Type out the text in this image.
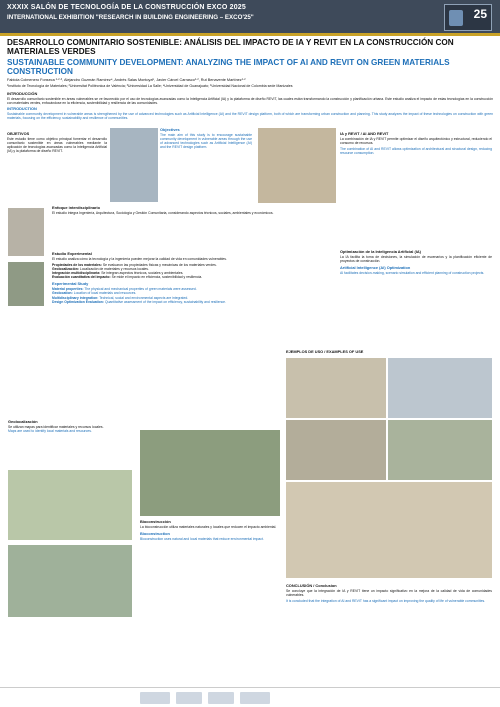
XXXIX SALÓN DE TECNOLOGÍA DE LA CONSTRUCCIÓN EXCO 2025
INTERNATIONAL EXHIBITION "RESEARCH IN BUILDING ENGINEERING – EXCO'25"	25
DESARROLLO COMUNITARIO SOSTENIBLE: ANÁLISIS DEL IMPACTO DE IA Y REVIT EN LA CONSTRUCCIÓN CON MATERIALES VERDES
SUSTAINABLE COMMUNITY DEVELOPMENT: ANALYZING THE IMPACT OF AI AND REVIT ON GREEN MATERIALS CONSTRUCTION
Fabiola Colmenero Fonseca ¹·²·³, Alejandro Guzmán Ramírez⁴, Andrés Salas Montoya⁵, Javier Cárcel Carrasco¹·², Rut Benavente Martínez¹·²
¹Instituto de Tecnología de Materiales; ²Universitat Politècnica de València; ³Universidad La Salle; ⁴Universidad de Guanajuato; ⁵Universidad Nacional de Colombia sede Manizales
INTRODUCCIÓN
El desarrollo comunitario sostenible en áreas vulnerables se ve favorecido por el uso de tecnologías avanzadas como la Inteligencia Artificial (IA) y la plataforma de diseño REVIT, las cuales están transformando la construcción y planificación urbana. Este estudio analiza el impacto de estas tecnologías en la construcción con materiales verdes, enfocándose en la eficiencia, sostenibilidad y resiliencia de las comunidades.
INTRODUCTION
Sustainable community development in vulnerable areas is strengthened by the use of advanced technologies such as Artificial Intelligence (AI) and the REVIT design platform, both of which are transforming urban construction and planning. This study analyzes the impact of these technologies on construction with green materials, focusing on the efficiency, sustainability and resilience of communities.
OBJETIVOS
Este estudio tiene como objetivo principal fomentar el desarrollo comunitario sostenible en áreas vulnerables mediante la aplicación de tecnologías avanzadas como la Inteligencia Artificial (IA) y la plataforma de diseño REVIT.
Objectives
The main aim of this study is to encourage sustainable community development in vulnerable areas through the use of advanced technologies such as Artificial Intelligence (AI) and the REVIT design platform.
IA y REVIT / AI AND REVIT
La combinación de IA y REVIT permite optimizar el diseño arquitectónico y estructural, reduciendo el consumo de recursos.
The combination of AI and REVIT allows optimization of architectural and structural design, reducing resource consumption.
Enfoque interdisciplinario
El estudio integra Ingeniería, Arquitectura, Sociología y Gestión Comunitaria, considerando aspectos técnicos, sociales, ambientales y económicos.
Estudio Experimental
El estudio analiza cómo la tecnología y la ingeniería pueden mejorar la calidad de vida en comunidades vulnerables.
Propiedades de los materiales: Se evaluaron las propiedades físicas y mecánicas de los materiales verdes.
Geolocalización: Localización de materiales y recursos locales.
Integración multidisciplinaria: Se integran aspectos técnicos, sociales y ambientales.
Evaluación cuantitativa del impacto: Se mide el impacto en eficiencia, sostenibilidad y resiliencia.
Experimental Study
Material properties: The physical and mechanical properties of green materials were assessed.
Geolocation: Location of local materials and resources.
Multidisciplinary integration: Technical, social and environmental aspects are integrated.
Design Optimization Evaluation: Quantitative assessment of the impact on efficiency, sustainability and resilience.
Geolocalización
Se utilizan mapas para identificar materiales y recursos locales.
Maps are used to identify local materials and resources.
Optimización de la Inteligencia Artificial (IA)
La IA facilita la toma de decisiones, la simulación de escenarios y la planificación eficiente de proyectos de construcción.
Artificial Intelligence (AI) Optimization
AI facilitates decision-making, scenario simulation and efficient planning of construction projects.
EJEMPLOS DE USO / EXAMPLES OF USE
Bioconstrucción
La bioconstrucción utiliza materiales naturales y locales que reducen el impacto ambiental.
Bioconstruction
Bioconstruction uses natural and local materials that reduce environmental impact.
CONCLUSIÓN / Conclusion
Se concluye que la integración de IA y REVIT tiene un impacto significativo en la mejora de la calidad de vida de comunidades vulnerables.
It is concluded that the integration of AI and REVIT has a significant impact on improving the quality of life of vulnerable communities.
